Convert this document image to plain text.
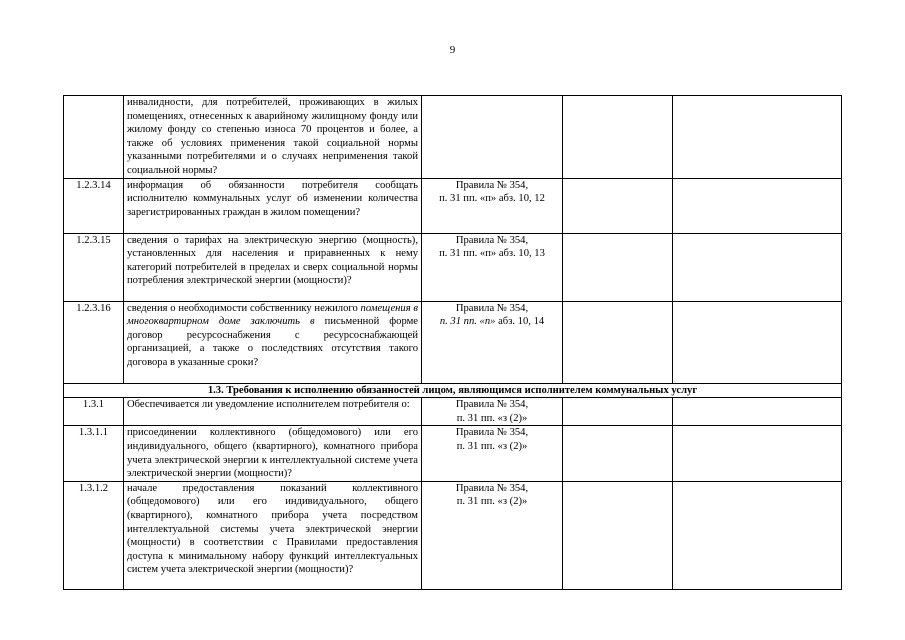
9
	инвалидности, для потребителей, проживающих в жилых помещениях, отнесенных к аварийному жилищному фонду или жилому фонду со степенью износа 70 процентов и более, а также об условиях применения такой социальной нормы указанными потребителями и о случаях неприменения такой социальной нормы?			
1.2.3.14	информация об обязанности потребителя сообщать исполнителю коммунальных услуг об изменении количества зарегистрированных граждан в жилом помещении?	Правила № 354,
п. 31 пп. «п» абз. 10, 12		

1.2.3.15	сведения о тарифах на электрическую энергию (мощность), установленных для населения и приравненных к нему категорий потребителей в пределах и сверх социальной нормы потребления электрической энергии (мощности)?	Правила № 354,
п. 31 пп. «п» абз. 10, 13		

1.2.3.16	сведения о необходимости собственнику нежилого помещения в многоквартирном доме заключить в письменной форме договор ресурсоснабжения с ресурсоснабжающей организацией, а также о последствиях отсутствия такого договора в указанные сроки?	Правила № 354,
п. 31 пп. «п» абз. 10, 14		

1.3. Требования к исполнению обязанностей лицом, являющимся исполнителем коммунальных услуг				
1.3.1	Обеспечивается ли уведомление исполнителем потребителя о:	Правила № 354,
п. 31 пп. «з (2)»		

1.3.1.1	присоединении коллективного (общедомового) или его индивидуального, общего (квартирного), комнатного прибора учета электрической энергии к интеллектуальной системе учета электрической энергии (мощности)?	Правила № 354,
п. 31 пп. «з (2)»		

1.3.1.2	начале предоставления показаний коллективного (общедомового) или его индивидуального, общего (квартирного), комнатного прибора учета посредством интеллектуальной системы учета электрической энергии (мощности) в соответствии с Правилами предоставления доступа к минимальному набору функций интеллектуальных систем учета электрической энергии (мощности)?	Правила № 354,
п. 31 пп. «з (2)»		
